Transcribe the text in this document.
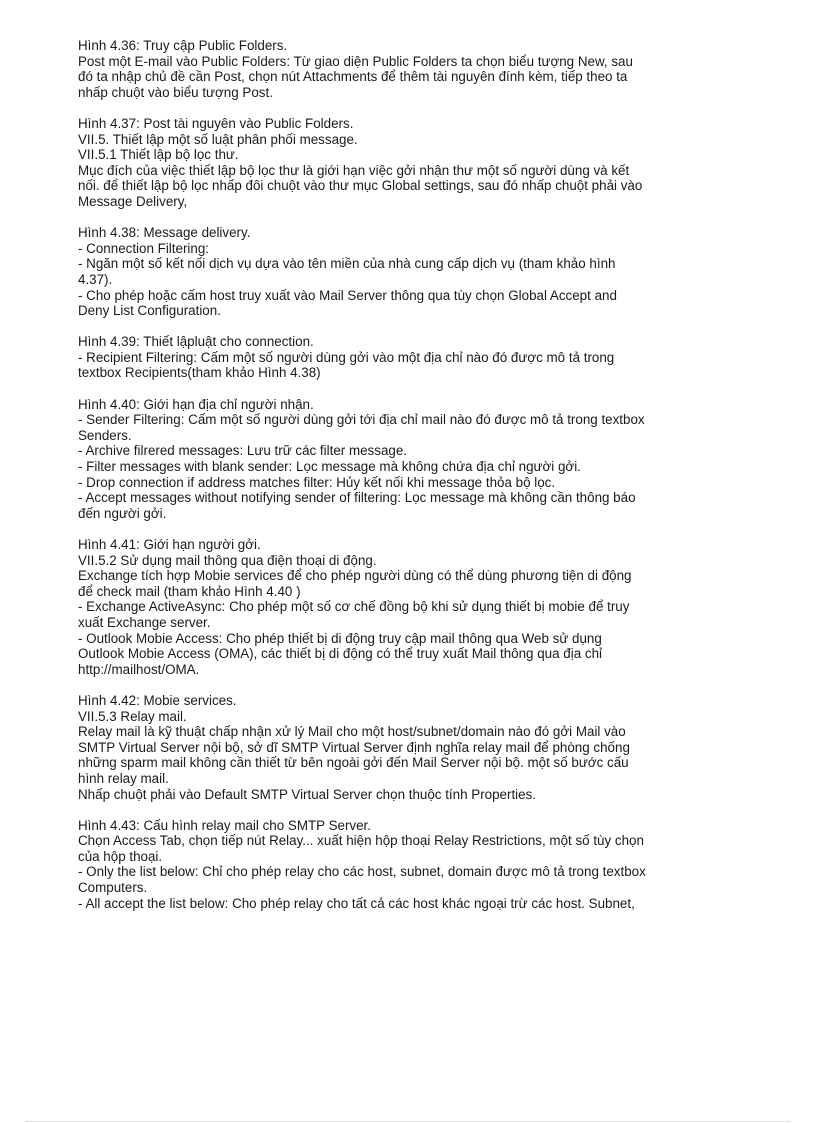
Hình 4.36: Truy cập Public Folders.
Post một E-mail vào Public Folders: Từ giao diện Public Folders ta chọn biểu tượng New, sau
đó ta nhập chủ đề cần Post, chọn nút Attachments để thêm tài nguyên đính kèm, tiếp theo ta
nhấp chuột vào biểu tượng Post.

Hình 4.37: Post tài nguyên vào Public Folders.
VII.5. Thiết lập một số luật phân phối message.
VII.5.1 Thiết lập bộ lọc thư.
Mục đích của việc thiết lập bộ lọc thư là giới hạn việc gởi nhận thư một số người dùng và kết
nối. để thiết lập bộ lọc nhấp đôi chuột vào thư mục Global settings, sau đó nhấp chuột phải vào
Message Delivery,

Hình 4.38: Message delivery.
- Connection Filtering:
- Ngăn một số kết nối dịch vụ dựa vào tên miền của nhà cung cấp dịch vụ (tham khảo hình
4.37).
- Cho phép hoặc cấm host truy xuất vào Mail Server thông qua tùy chọn Global Accept and
Deny List Configuration.

Hình 4.39: Thiết lậpluật cho connection.
- Recipient Filtering: Cấm một số người dùng gởi vào một địa chỉ nào đó được mô tả trong
textbox Recipients(tham khảo Hình 4.38)

Hình 4.40: Giới hạn địa chỉ người nhận.
- Sender Filtering: Cấm một số người dùng gởi tới địa chỉ mail nào đó được mô tả trong textbox
Senders.
- Archive filrered messages: Lưu trữ các filter message.
- Filter messages with blank sender: Lọc message mà không chứa địa chỉ người gởi.
- Drop connection if address matches filter: Hủy kết nối khi message thỏa bộ lọc.
- Accept messages without notifying sender of filtering: Lọc message mà không cần thông báo
đến người gởi.

Hình 4.41: Giới hạn người gởi.
VII.5.2 Sử dụng mail thông qua điện thoại di động.
Exchange tích hợp Mobie services để cho phép người dùng có thể dùng phương tiện di động
để check mail (tham khảo Hình 4.40 )
- Exchange ActiveAsync: Cho phép một số cơ chế đồng bộ khi sử dụng thiết bị mobie để truy
xuất Exchange server.
- Outlook Mobie Access: Cho phép thiết bị di động truy cập mail thông qua Web sử dụng
Outlook Mobie Access (OMA), các thiết bị di động có thể truy xuất Mail thông qua địa chỉ
http://mailhost/OMA.

Hình 4.42: Mobie services.
VII.5.3 Relay mail.
Relay mail là kỹ thuật chấp nhận xử lý Mail cho một host/subnet/domain nào đó gởi Mail vào
SMTP Virtual Server nội bộ, sở dĩ SMTP Virtual Server định nghĩa relay mail để phòng chống
những sparm mail không cần thiết từ bên ngoài gởi đến Mail Server nội bộ. một số bước cấu
hình relay mail.
Nhấp chuột phải vào Default SMTP Virtual Server chọn thuộc tính Properties.

Hình 4.43: Cấu hình relay mail cho SMTP Server.
Chọn Access Tab, chọn tiếp nút Relay... xuất hiện hộp thoại Relay Restrictions, một số tùy chọn
của hộp thoại.
- Only the list below: Chỉ cho phép relay cho các host, subnet, domain được mô tả trong textbox
Computers.
- All accept the list below: Cho phép relay cho tất cả các host khác ngoại trừ các host. Subnet,
